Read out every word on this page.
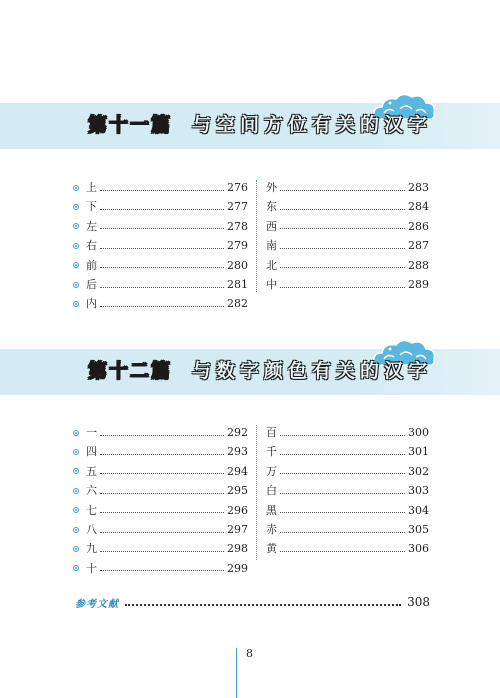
第十一篇 与空间方位有关的汉字
上	276
下	277
左	278
右	279
前	280
后	281
内	282
外	283
东	284
西	286
南	287
北	288
中	289
第十二篇 与数字颜色有关的汉字
一	292
四	293
五	294
六	295
七	296
八	297
九	298
十	299
百	300
千	301
万	302
白	303
黑	304
赤	305
黄	306
参考文献	308
8
